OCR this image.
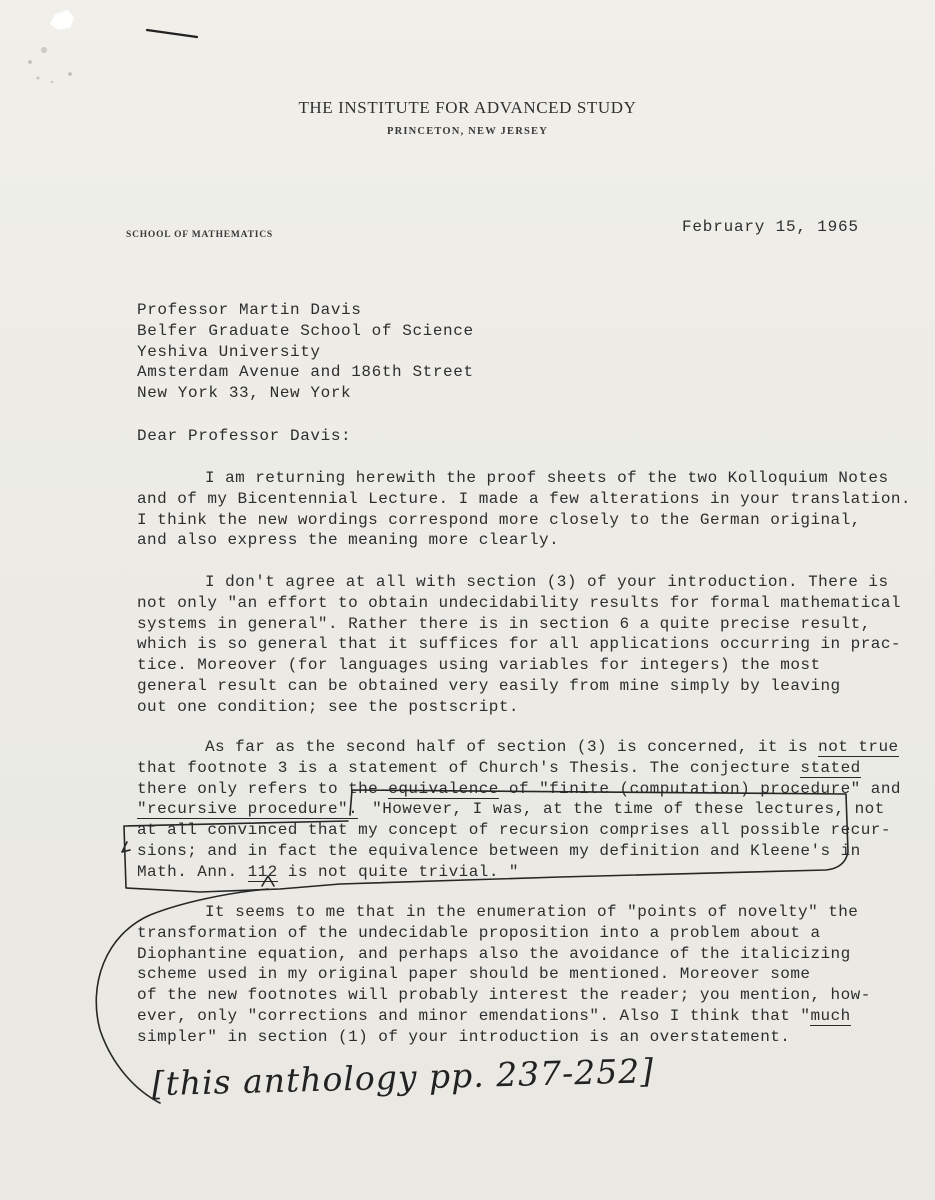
THE INSTITUTE FOR ADVANCED STUDY
PRINCETON, NEW JERSEY
SCHOOL OF MATHEMATICS	February 15, 1965
Professor Martin Davis
Belfer Graduate School of Science
Yeshiva University
Amsterdam Avenue and 186th Street
New York 33, New York
Dear Professor Davis:
I am returning herewith the proof sheets of the two Kolloquium Notes
and of my Bicentennial Lecture. I made a few alterations in your translation.
I think the new wordings correspond more closely to the German original,
and also express the meaning more clearly.
I don't agree at all with section (3) of your introduction. There is
not only "an effort to obtain undecidability results for formal mathematical
systems in general". Rather there is in section 6 a quite precise result,
which is so general that it suffices for all applications occurring in prac-
tice. Moreover (for languages using variables for integers) the most
general result can be obtained very easily from mine simply by leaving
out one condition; see the postscript.
As far as the second half of section (3) is concerned, it is not true
that footnote 3 is a statement of Church's Thesis. The conjecture stated
there only refers to the equivalence of "finite (computation) procedure" and
"recursive procedure". "However, I was, at the time of these lectures, not
at all convinced that my concept of recursion comprises all possible recur-
sions; and in fact the equivalence between my definition and Kleene's in
Math. Ann. 112 is not quite trivial. "
It seems to me that in the enumeration of "points of novelty" the
transformation of the undecidable proposition into a problem about a
Diophantine equation, and perhaps also the avoidance of the italicizing
scheme used in my original paper should be mentioned. Moreover some
of the new footnotes will probably interest the reader; you mention, how-
ever, only "corrections and minor emendations". Also I think that "much
simpler" in section (1) of your introduction is an overstatement.
[this anthology pp. 237-252]
